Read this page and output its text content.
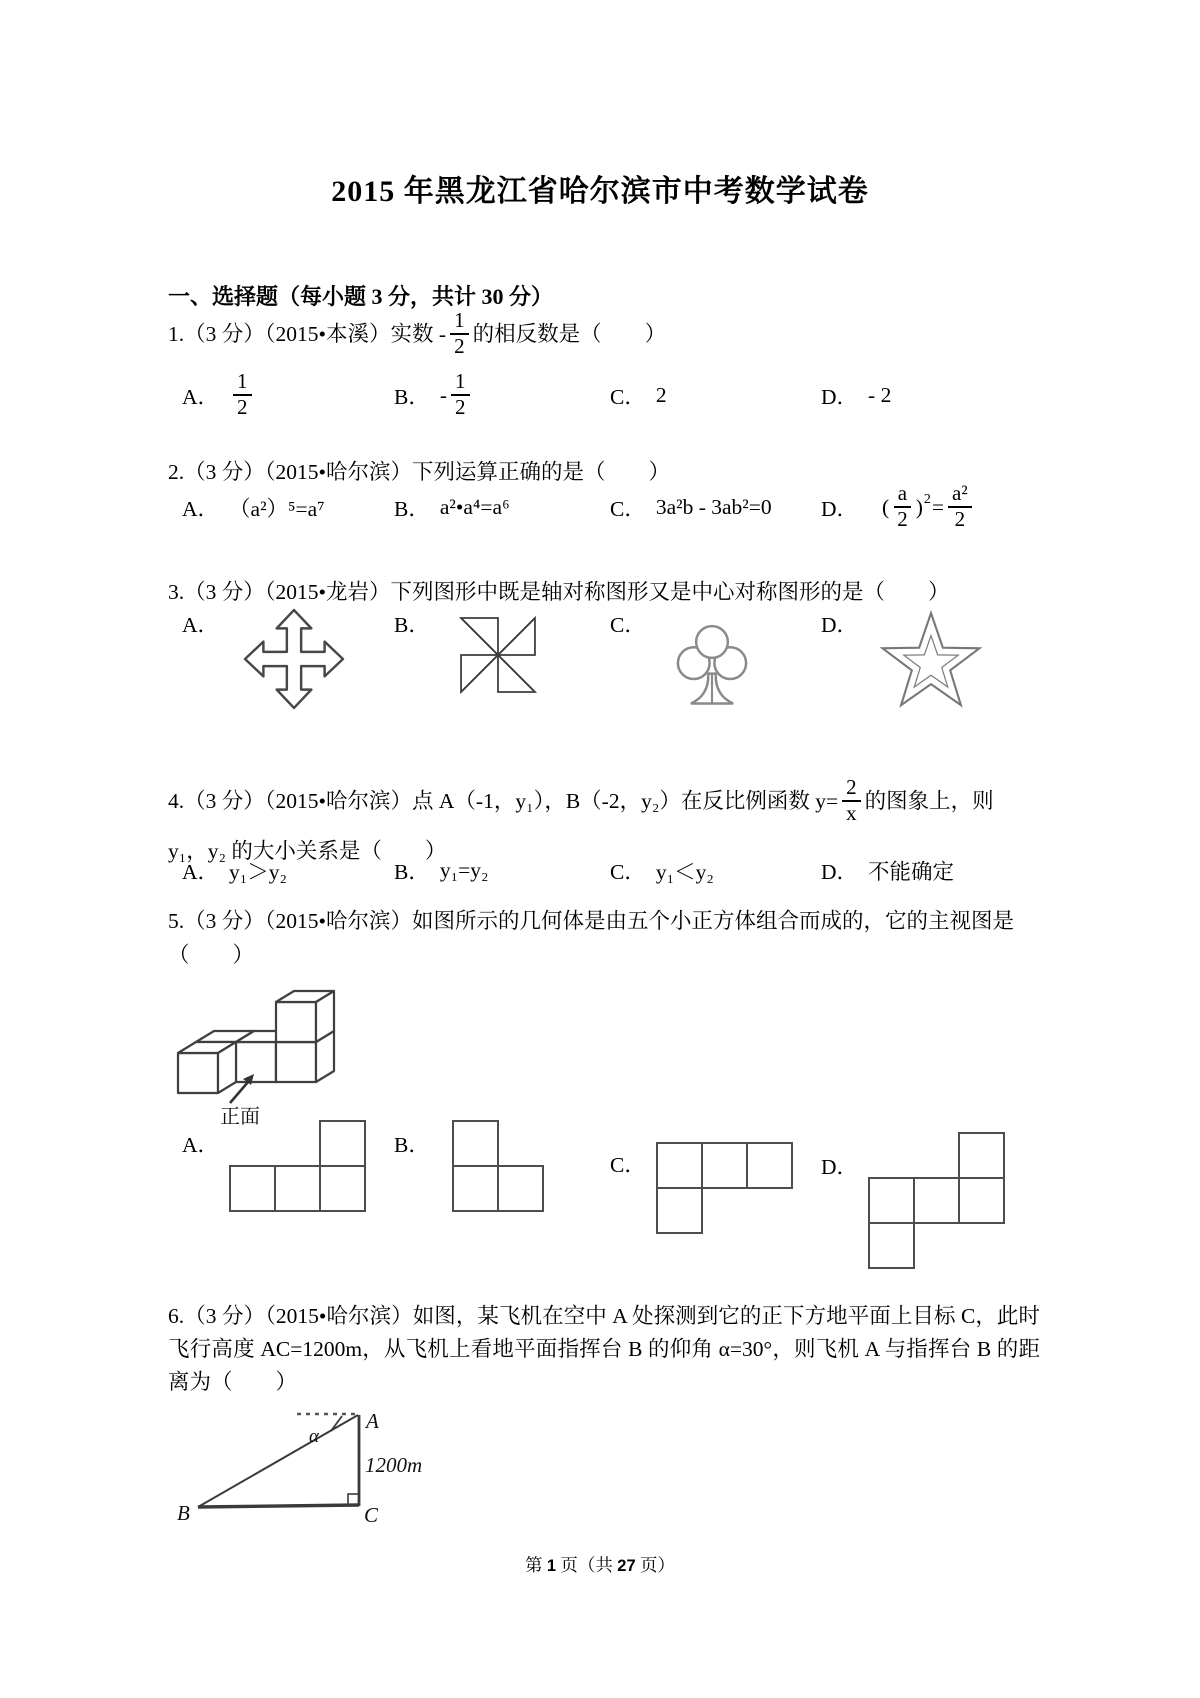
2015 年黑龙江省哈尔滨市中考数学试卷
一、选择题（每小题 3 分，共计 30 分）
1.（3 分）（2015•本溪）实数 - $\frac{1}{2}$ 的相反数是（　　）
A． $\frac{1}{2}$	B． - $\frac{1}{2}$	C． 2	D． - 2
2.（3 分）（2015•哈尔滨）下列运算正确的是（　　）
A． （a²）⁵=a⁷	B． a²•a⁴=a⁶	C． 3a²b - 3ab²=0 D． ( $\frac{a}{2} )^2 = \frac{\text{a²}}{2}$
3.（3 分）（2015•龙岩）下列图形中既是轴对称图形又是中心对称图形的是（　　）
A．	B．	C．	D．
4.（3 分）（2015•哈尔滨）点 A（-1，y₁），B（-2，y₂）在反比例函数 $y= \frac{2}{x}$ 的图象上，则
y₁，y₂ 的大小关系是（　　）
A． y₁＞y₂	B． y₁=y₂	C． y₁＜y₂	D． 不能确定
5.（3 分）（2015•哈尔滨）如图所示的几何体是由五个小正方体组合而成的，它的主视图是
（　　）
正面
A．	B．
C．	D．
6.（3 分）（2015•哈尔滨）如图，某飞机在空中 A 处探测到它的正下方地平面上目标 C，此时飞行高度 AC=1200m，从飞机上看地平面指挥台 B 的仰角 α=30°，则飞机 A 与指挥台 B 的距离为（　　）
α
A
B	C
1200m
第 1 页（共 27 页）
